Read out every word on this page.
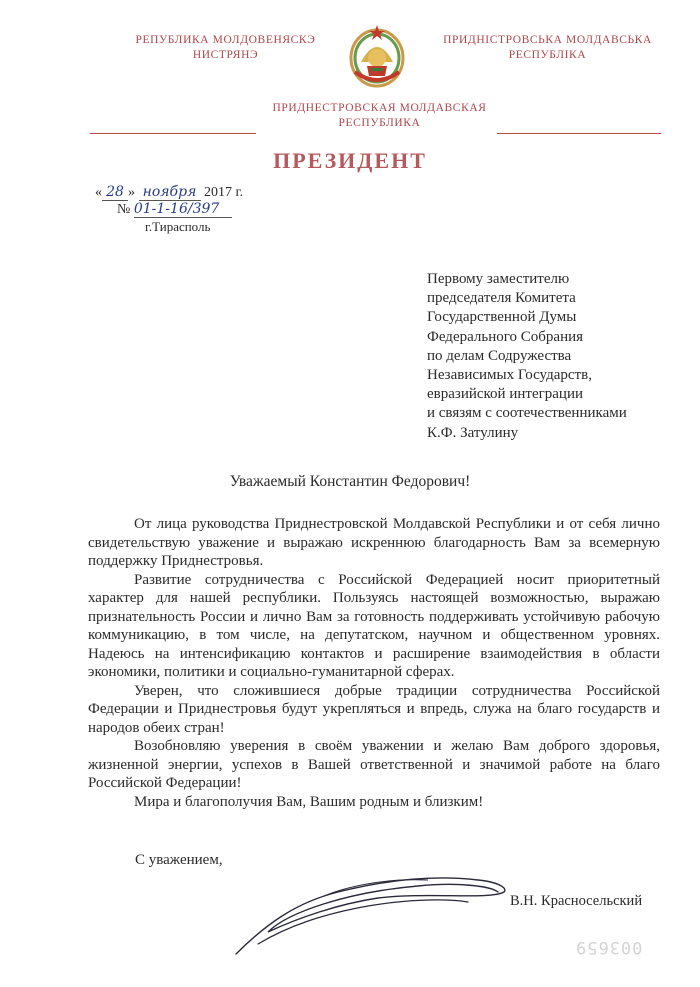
РЕПУБЛИКА МОЛДОВЕНЯСКЭ
НИСТРЯНЭ
ПРИДНІСТРОВСЬКА МОЛДАВСЬКА
РЕСПУБЛІКА
ПРИДНЕСТРОВСКАЯ МОЛДАВСКАЯ
РЕСПУБЛИКА
ПРЕЗИДЕНТ
« 28 » ноября 2017 г.
№ 01-1-16/397
г.Тирасполь
Первому заместителю
председателя Комитета
Государственной Думы
Федерального Собрания
по делам Содружества
Независимых Государств,
евразийской интеграции
и связям с соотечественниками
К.Ф. Затулину
Уважаемый Константин Федорович!

От лица руководства Приднестровской Молдавской Республики и от себя лично свидетельствую уважение и выражаю искреннюю благодарность Вам за всемерную поддержку Приднестровья.

Развитие сотрудничества с Российской Федерацией носит приоритетный характер для нашей республики. Пользуясь настоящей возможностью, выражаю признательность России и лично Вам за готовность поддерживать устойчивую рабочую коммуникацию, в том числе, на депутатском, научном и общественном уровнях. Надеюсь на интенсификацию контактов и расширение взаимодействия в области экономики, политики и социально-гуманитарной сферах.

Уверен, что сложившиеся добрые традиции сотрудничества Российской Федерации и Приднестровья будут укрепляться и впредь, служа на благо государств и народов обеих стран!

Возобновляю уверения в своём уважении и желаю Вам доброго здоровья, жизненной энергии, успехов в Вашей ответственной и значимой работе на благо Российской Федерации!

Мира и благополучия Вам, Вашим родным и близким!

С уважением,
В.Н. Красносельский
003659
